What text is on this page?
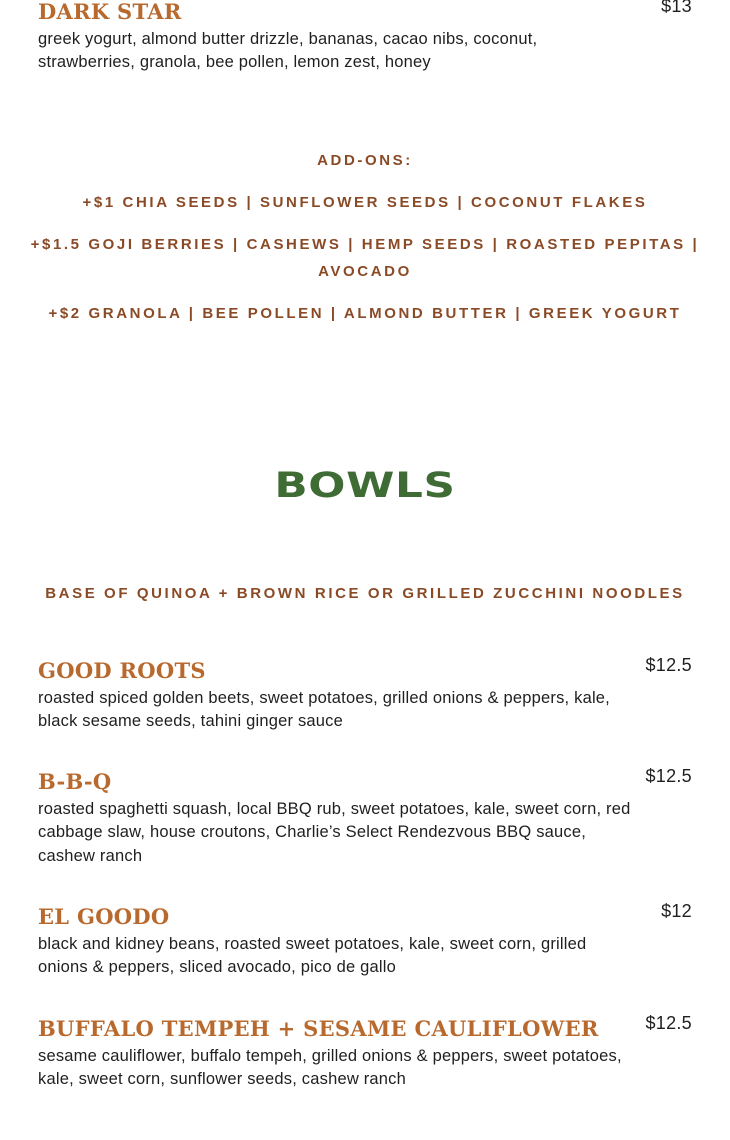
DARK STAR	$13
greek yogurt, almond butter drizzle, bananas, cacao nibs, coconut, strawberries, granola, bee pollen, lemon zest, honey
ADD-ONS:
+$1 CHIA SEEDS | SUNFLOWER SEEDS | COCONUT FLAKES
+$1.5 GOJI BERRIES | CASHEWS | HEMP SEEDS | ROASTED PEPITAS |
AVOCADO
+$2 GRANOLA | BEE POLLEN | ALMOND BUTTER | GREEK YOGURT
BOWLS
BASE OF QUINOA + BROWN RICE OR GRILLED ZUCCHINI NOODLES
GOOD ROOTS	$12.5
roasted spiced golden beets, sweet potatoes, grilled onions & peppers, kale, black sesame seeds, tahini ginger sauce
B-B-Q	$12.5
roasted spaghetti squash, local BBQ rub, sweet potatoes, kale, sweet corn, red cabbage slaw, house croutons, Charlie’s Select Rendezvous BBQ sauce, cashew ranch
EL GOODO	$12
black and kidney beans, roasted sweet potatoes, kale, sweet corn, grilled onions & peppers, sliced avocado, pico de gallo
BUFFALO TEMPEH + SESAME CAULIFLOWER	$12.5
sesame cauliflower, buffalo tempeh, grilled onions & peppers, sweet potatoes, kale, sweet corn, sunflower seeds, cashew ranch
